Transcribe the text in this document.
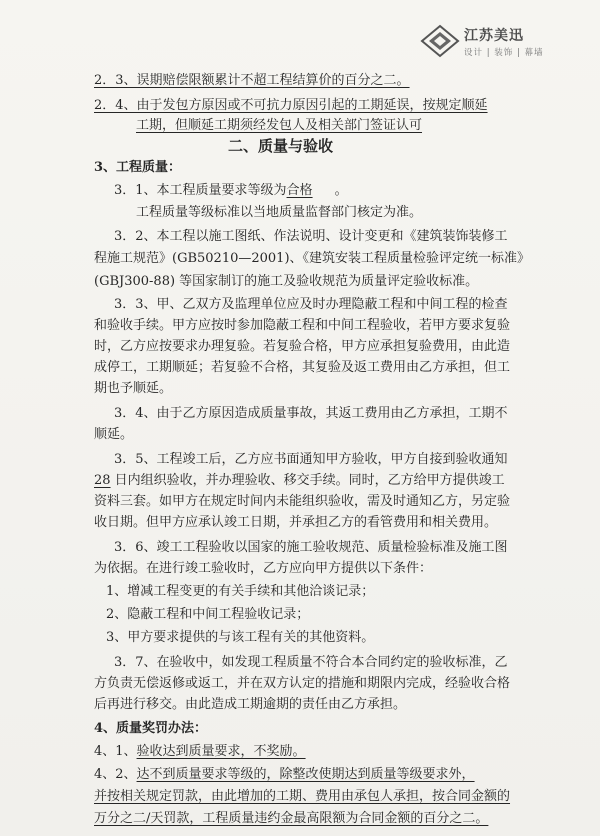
江苏美迅
设计 | 装饰 | 幕墙
2．3、误期赔偿限额累计不超工程结算价的百分之二。
2．4、由于发包方原因或不可抗力原因引起的工期延误，按规定顺延
工期，但顺延工期须经发包人及相关部门签证认可
二、质量与验收
3、工程质量：
3．1、本工程质量要求等级为合格 。
工程质量等级标准以当地质量监督部门核定为准。
3．2、本工程以施工图纸、作法说明、设计变更和《建筑装饰装修工
程施工规范》(GB50210—2001)、《建筑安装工程质量检验评定统一标准》
(GBJ300-88) 等国家制订的施工及验收规范为质量评定验收标准。
3．3、甲、乙双方及监理单位应及时办理隐蔽工程和中间工程的检查
和验收手续。甲方应按时参加隐蔽工程和中间工程验收，若甲方要求复验
时，乙方应按要求办理复验。若复验合格，甲方应承担复验费用，由此造
成停工，工期顺延；若复验不合格，其复验及返工费用由乙方承担，但工
期也予顺延。
3．4、由于乙方原因造成质量事故，其返工费用由乙方承担，工期不
顺延。
3．5、工程竣工后，乙方应书面通知甲方验收，甲方自接到验收通知
28 日内组织验收，并办理验收、移交手续。同时，乙方给甲方提供竣工
资料三套。如甲方在规定时间内未能组织验收，需及时通知乙方，另定验
收日期。但甲方应承认竣工日期，并承担乙方的看管费用和相关费用。
3．6、竣工工程验收以国家的施工验收规范、质量检验标准及施工图
为依据。在进行竣工验收时，乙方应向甲方提供以下条件：
1、增减工程变更的有关手续和其他洽谈记录；
2、隐蔽工程和中间工程验收记录；
3、甲方要求提供的与该工程有关的其他资料。
3．7、在验收中，如发现工程质量不符合本合同约定的验收标准，乙
方负责无偿返修或返工，并在双方认定的措施和期限内完成，经验收合格
后再进行移交。由此造成工期逾期的责任由乙方承担。
4、质量奖罚办法：
4、1、验收达到质量要求，不奖励。
4、2、达不到质量要求等级的，除整改使期达到质量等级要求外，
并按相关规定罚款，由此增加的工期、费用由承包人承担，按合同金额的
万分之二/天罚款，工程质量违约金最高限额为合同金额的百分之二。
